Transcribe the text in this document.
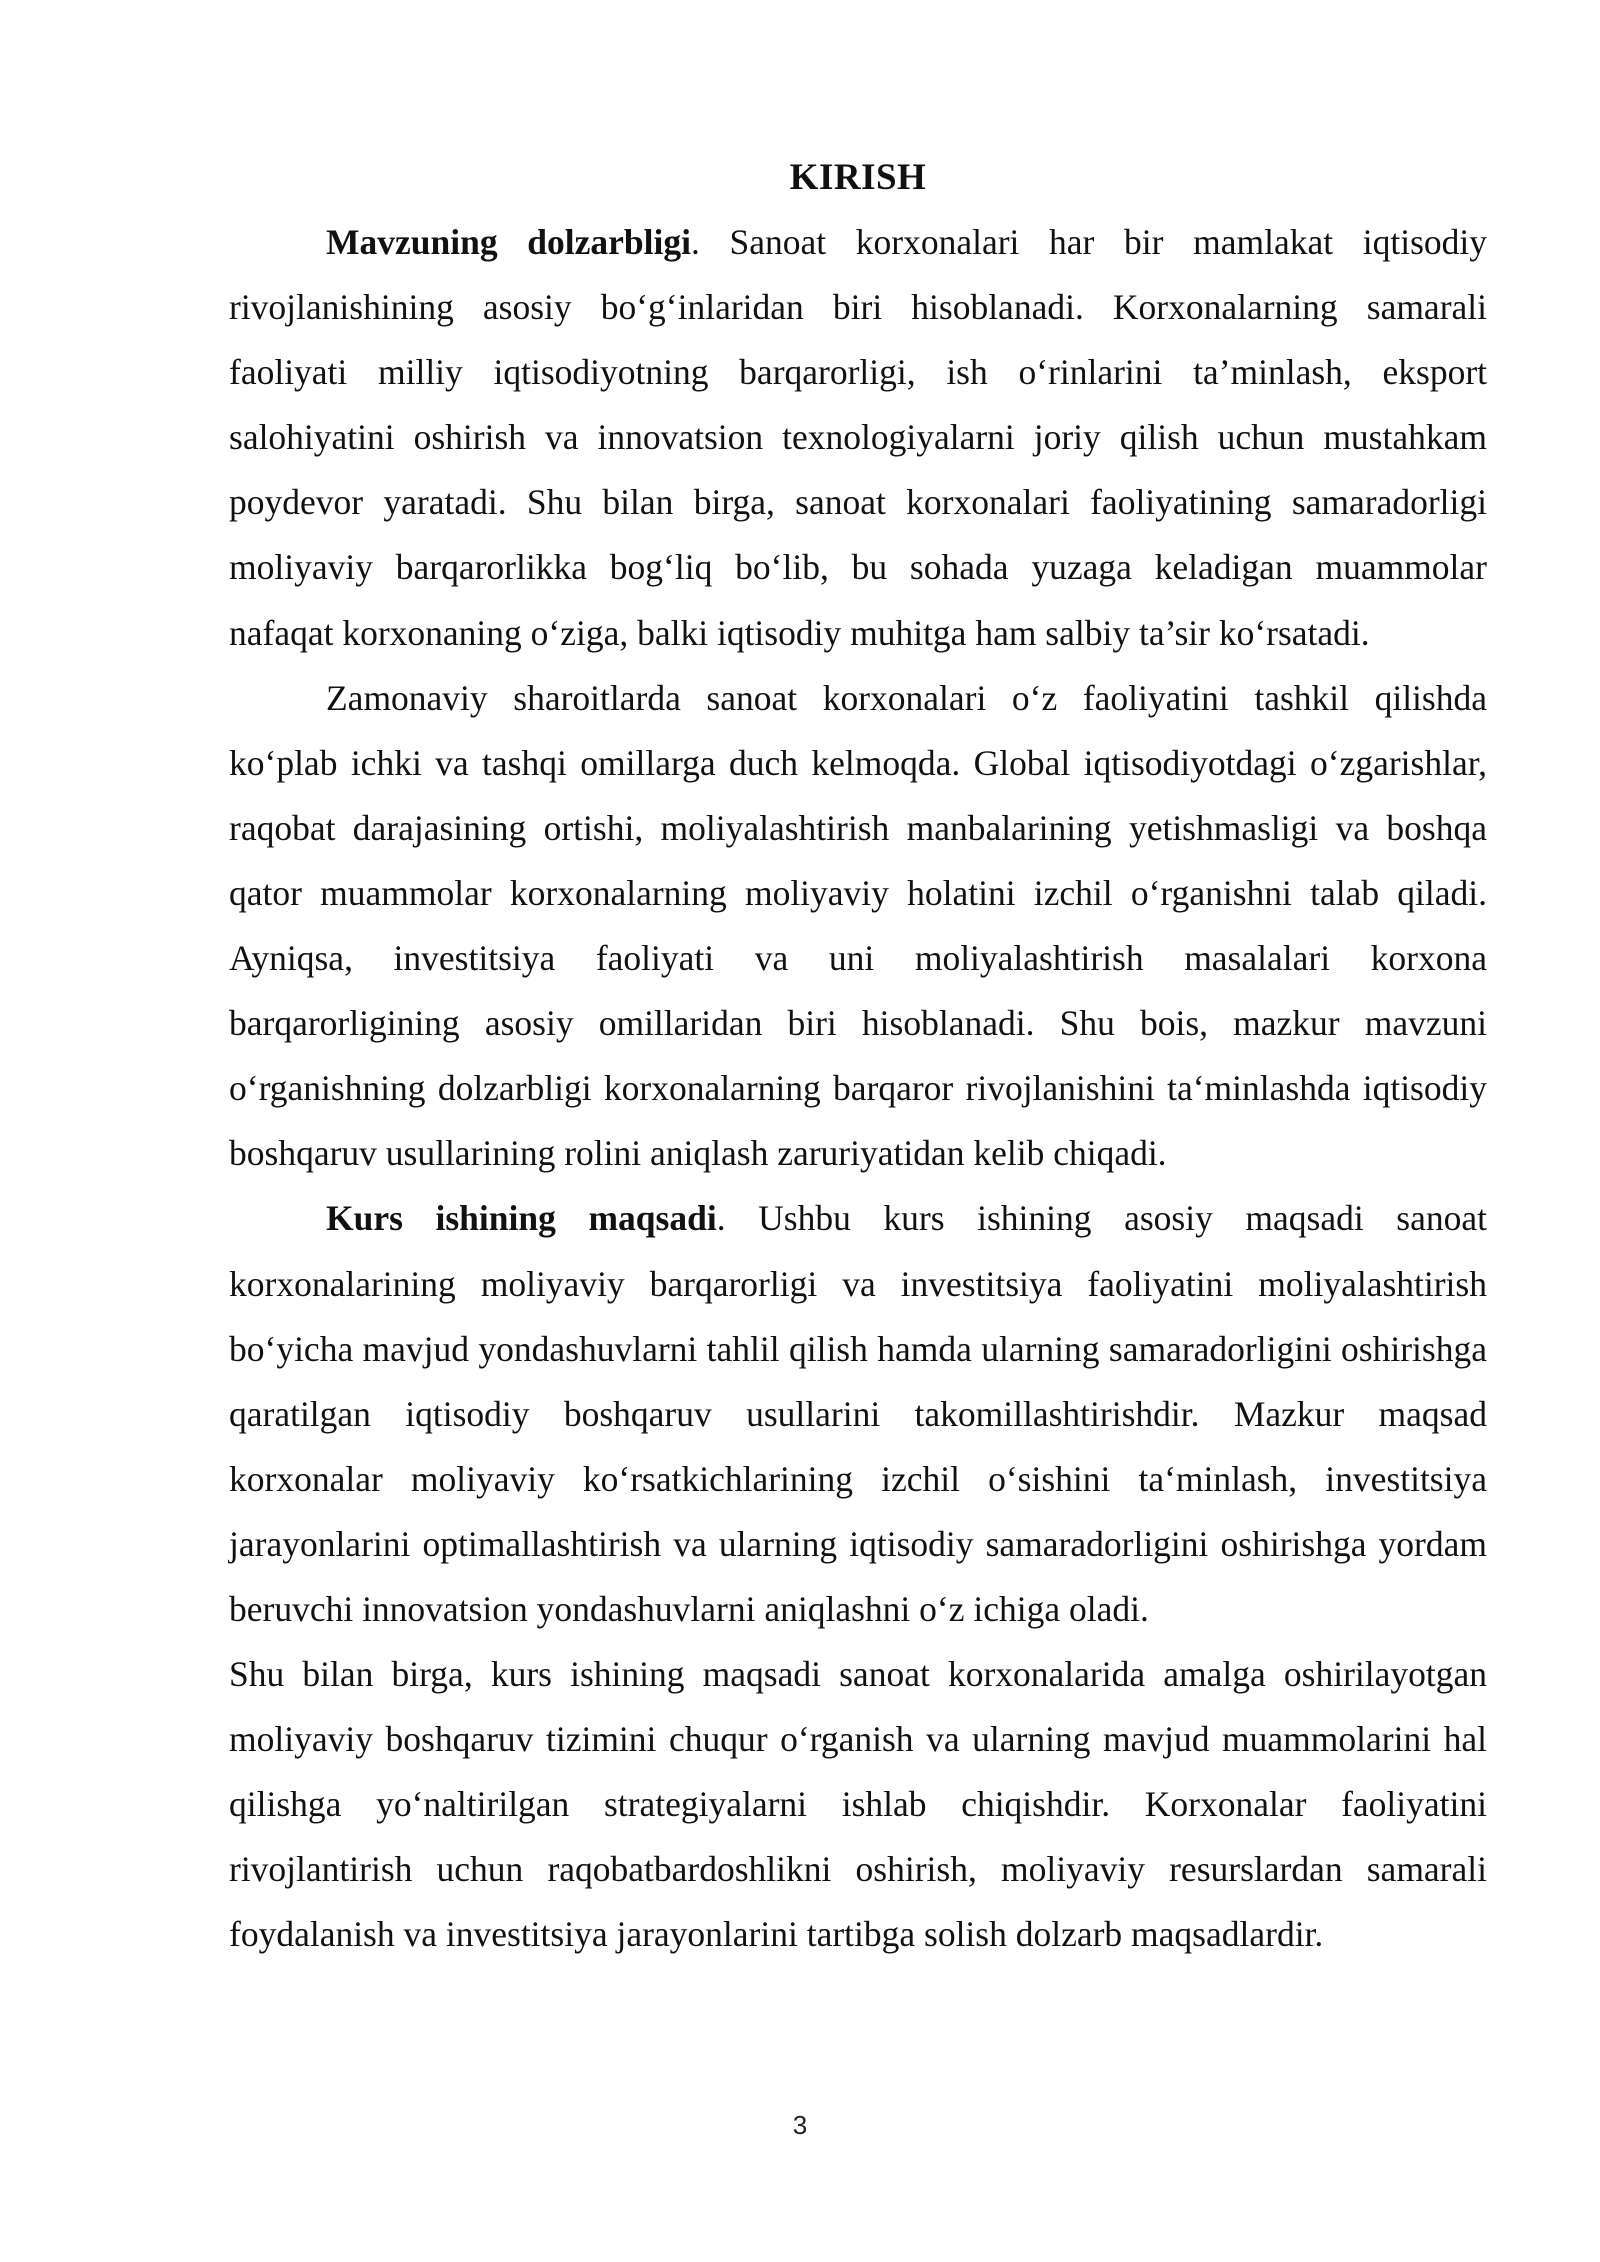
KIRISH

Mavzuning dolzarbligi. Sanoat korxonalari har bir mamlakat iqtisodiy rivojlanishining asosiy bo‘g‘inlaridan biri hisoblanadi. Korxonalarning samarali faoliyati milliy iqtisodiyotning barqarorligi, ish o‘rinlarini ta’minlash, eksport salohiyatini oshirish va innovatsion texnologiyalarni joriy qilish uchun mustahkam poydevor yaratadi. Shu bilan birga, sanoat korxonalari faoliyatining samaradorligi moliyaviy barqarorlikka bog‘liq bo‘lib, bu sohada yuzaga keladigan muammolar nafaqat korxonaning o‘ziga, balki iqtisodiy muhitga ham salbiy ta’sir ko‘rsatadi.

Zamonaviy sharoitlarda sanoat korxonalari o‘z faoliyatini tashkil qilishda ko‘plab ichki va tashqi omillarga duch kelmoqda. Global iqtisodiyotdagi o‘zgarishlar, raqobat darajasining ortishi, moliyalashtirish manbalarining yetishmasligi va boshqa qator muammolar korxonalarning moliyaviy holatini izchil o‘rganishni talab qiladi. Ayniqsa, investitsiya faoliyati va uni moliyalashtirish masalalari korxona barqarorligining asosiy omillaridan biri hisoblanadi. Shu bois, mazkur mavzuni o‘rganishning dolzarbligi korxonalarning barqaror rivojlanishini ta‘minlashda iqtisodiy boshqaruv usullarining rolini aniqlash zaruriyatidan kelib chiqadi.

Kurs ishining maqsadi. Ushbu kurs ishining asosiy maqsadi sanoat korxonalarining moliyaviy barqarorligi va investitsiya faoliyatini moliyalashtirish bo‘yicha mavjud yondashuvlarni tahlil qilish hamda ularning samaradorligini oshirishga qaratilgan iqtisodiy boshqaruv usullarini takomillashtirishdir. Mazkur maqsad korxonalar moliyaviy ko‘rsatkichlarining izchil o‘sishini ta‘minlash, investitsiya jarayonlarini optimallashtirish va ularning iqtisodiy samaradorligini oshirishga yordam beruvchi innovatsion yondashuvlarni aniqlashni o‘z ichiga oladi.

Shu bilan birga, kurs ishining maqsadi sanoat korxonalarida amalga oshirilayotgan moliyaviy boshqaruv tizimini chuqur o‘rganish va ularning mavjud muammolarini hal qilishga yo‘naltirilgan strategiyalarni ishlab chiqishdir. Korxonalar faoliyatini rivojlantirish uchun raqobatbardoshlikni oshirish, moliyaviy resurslardan samarali foydalanish va investitsiya jarayonlarini tartibga solish dolzarb maqsadlardir.

3
